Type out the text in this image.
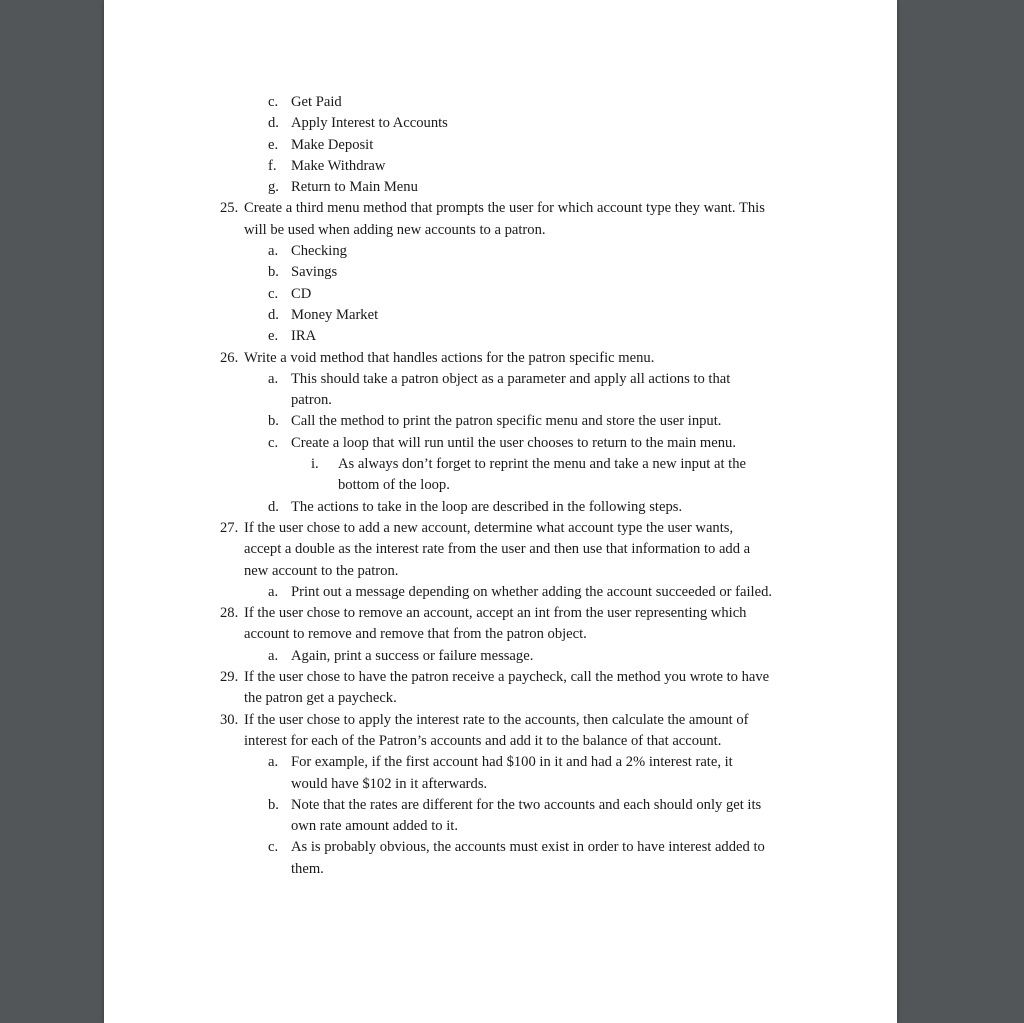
c. Get Paid
d. Apply Interest to Accounts
e. Make Deposit
f. Make Withdraw
g. Return to Main Menu
25. Create a third menu method that prompts the user for which account type they want. This
will be used when adding new accounts to a patron.
a. Checking
b. Savings
c. CD
d. Money Market
e. IRA
26. Write a void method that handles actions for the patron specific menu.
a. This should take a patron object as a parameter and apply all actions to that
patron.
b. Call the method to print the patron specific menu and store the user input.
c. Create a loop that will run until the user chooses to return to the main menu.
i. As always don’t forget to reprint the menu and take a new input at the
bottom of the loop.
d. The actions to take in the loop are described in the following steps.
27. If the user chose to add a new account, determine what account type the user wants,
accept a double as the interest rate from the user and then use that information to add a
new account to the patron.
a. Print out a message depending on whether adding the account succeeded or failed.
28. If the user chose to remove an account, accept an int from the user representing which
account to remove and remove that from the patron object.
a. Again, print a success or failure message.
29. If the user chose to have the patron receive a paycheck, call the method you wrote to have
the patron get a paycheck.
30. If the user chose to apply the interest rate to the accounts, then calculate the amount of
interest for each of the Patron’s accounts and add it to the balance of that account.
a. For example, if the first account had $100 in it and had a 2% interest rate, it
would have $102 in it afterwards.
b. Note that the rates are different for the two accounts and each should only get its
own rate amount added to it.
c. As is probably obvious, the accounts must exist in order to have interest added to
them.
